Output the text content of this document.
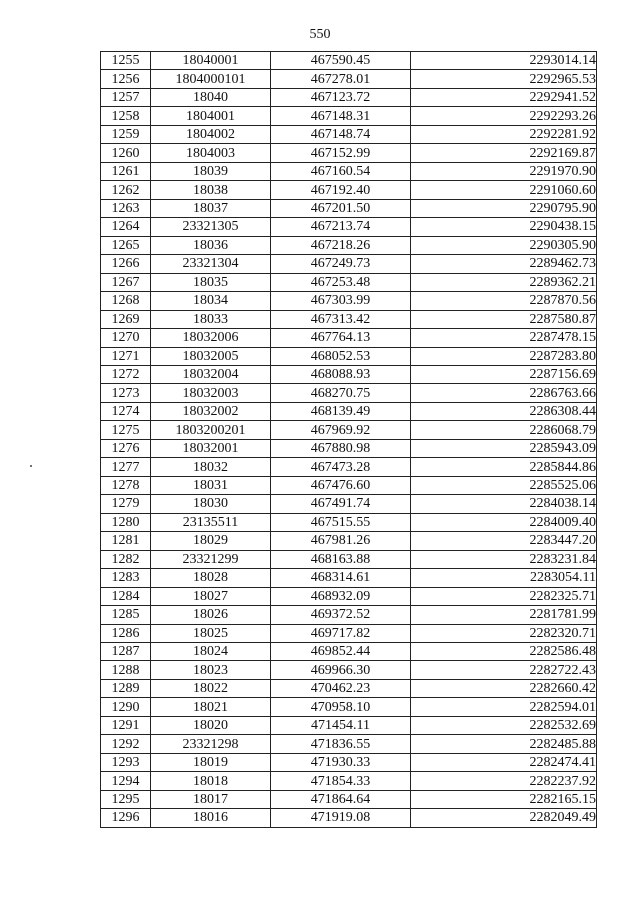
550
1255	18040001	467590.45	2293014.14
1256	1804000101	467278.01	2292965.53
1257	18040	467123.72	2292941.52
1258	1804001	467148.31	2292293.26
1259	1804002	467148.74	2292281.92
1260	1804003	467152.99	2292169.87
1261	18039	467160.54	2291970.90
1262	18038	467192.40	2291060.60
1263	18037	467201.50	2290795.90
1264	23321305	467213.74	2290438.15
1265	18036	467218.26	2290305.90
1266	23321304	467249.73	2289462.73
1267	18035	467253.48	2289362.21
1268	18034	467303.99	2287870.56
1269	18033	467313.42	2287580.87
1270	18032006	467764.13	2287478.15
1271	18032005	468052.53	2287283.80
1272	18032004	468088.93	2287156.69
1273	18032003	468270.75	2286763.66
1274	18032002	468139.49	2286308.44
1275	1803200201	467969.92	2286068.79
1276	18032001	467880.98	2285943.09
1277	18032	467473.28	2285844.86
1278	18031	467476.60	2285525.06
1279	18030	467491.74	2284038.14
1280	23135511	467515.55	2284009.40
1281	18029	467981.26	2283447.20
1282	23321299	468163.88	2283231.84
1283	18028	468314.61	2283054.11
1284	18027	468932.09	2282325.71
1285	18026	469372.52	2281781.99
1286	18025	469717.82	2282320.71
1287	18024	469852.44	2282586.48
1288	18023	469966.30	2282722.43
1289	18022	470462.23	2282660.42
1290	18021	470958.10	2282594.01
1291	18020	471454.11	2282532.69
1292	23321298	471836.55	2282485.88
1293	18019	471930.33	2282474.41
1294	18018	471854.33	2282237.92
1295	18017	471864.64	2282165.15
1296	18016	471919.08	2282049.49
